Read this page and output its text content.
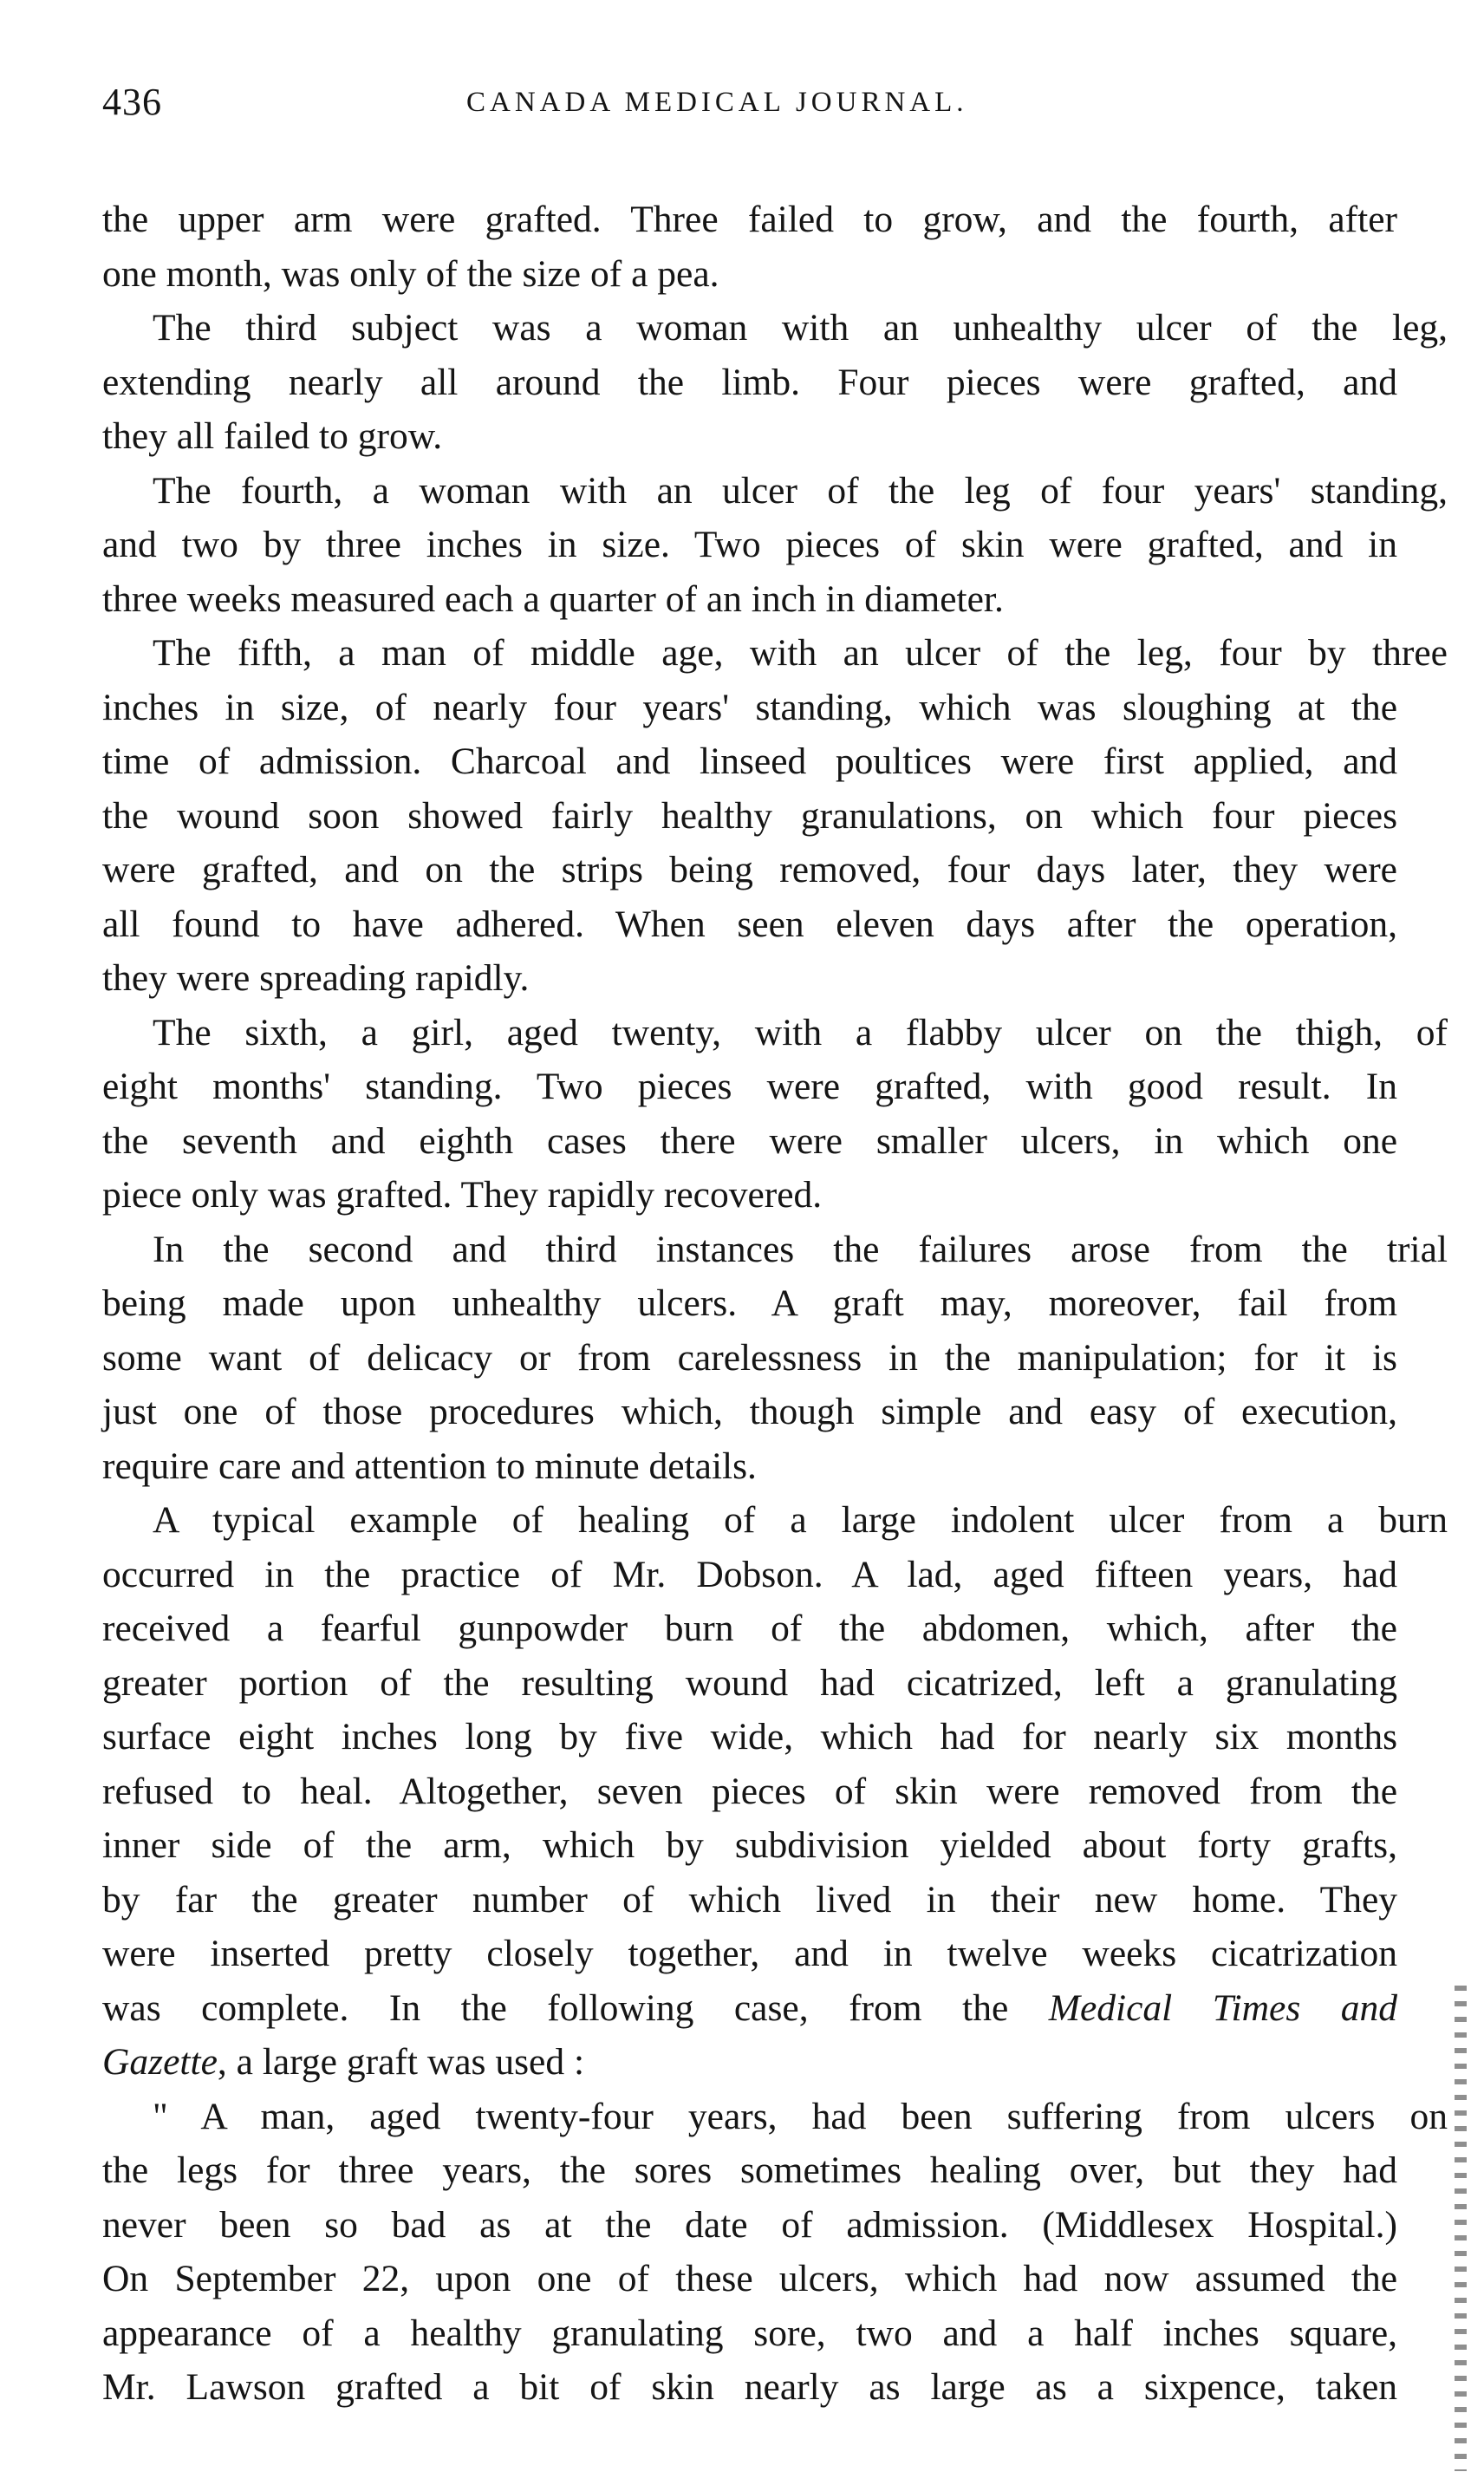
436	CANADA MEDICAL JOURNAL.

the upper arm were grafted. Three failed to grow, and the fourth, after

one month, was only of the size of a pea.

The third subject was a woman with an unhealthy ulcer of the leg,

extending nearly all around the limb. Four pieces were grafted, and

they all failed to grow.

The fourth, a woman with an ulcer of the leg of four years' standing,

and two by three inches in size. Two pieces of skin were grafted, and in

three weeks measured each a quarter of an inch in diameter.

The fifth, a man of middle age, with an ulcer of the leg, four by three

inches in size, of nearly four years' standing, which was sloughing at the

time of admission. Charcoal and linseed poultices were first applied, and

the wound soon showed fairly healthy granulations, on which four pieces

were grafted, and on the strips being removed, four days later, they were

all found to have adhered. When seen eleven days after the operation,

they were spreading rapidly.

The sixth, a girl, aged twenty, with a flabby ulcer on the thigh, of

eight months' standing. Two pieces were grafted, with good result. In

the seventh and eighth cases there were smaller ulcers, in which one

piece only was grafted. They rapidly recovered.

In the second and third instances the failures arose from the trial

being made upon unhealthy ulcers. A graft may, moreover, fail from

some want of delicacy or from carelessness in the manipulation; for it is

just one of those procedures which, though simple and easy of execution,

require care and attention to minute details.

A typical example of healing of a large indolent ulcer from a burn

occurred in the practice of Mr. Dobson. A lad, aged fifteen years, had

received a fearful gunpowder burn of the abdomen, which, after the

greater portion of the resulting wound had cicatrized, left a granulating

surface eight inches long by five wide, which had for nearly six months

refused to heal. Altogether, seven pieces of skin were removed from the

inner side of the arm, which by subdivision yielded about forty grafts,

by far the greater number of which lived in their new home. They

were inserted pretty closely together, and in twelve weeks cicatrization

was complete. In the following case, from the Medical Times and

Gazette, a large graft was used :

" A man, aged twenty-four years, had been suffering from ulcers on

the legs for three years, the sores sometimes healing over, but they had

never been so bad as at the date of admission. (Middlesex Hospital.)

On September 22, upon one of these ulcers, which had now assumed the

appearance of a healthy granulating sore, two and a half inches square,

Mr. Lawson grafted a bit of skin nearly as large as a sixpence, taken
